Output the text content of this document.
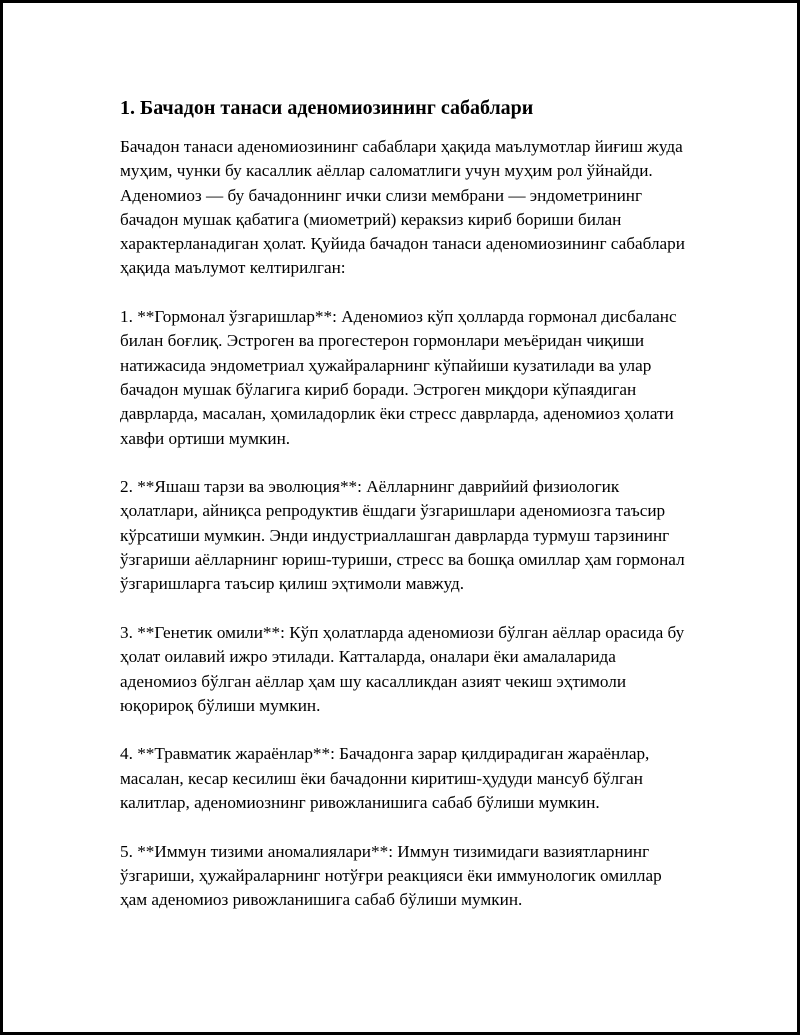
1. Бачадон танаси аденомиозининг сабаблари

Бачадон танаси аденомиозининг сабаблари ҳақида маълумотлар йиғиш жуда муҳим, чунки бу касаллик аёллар саломатлиги учун муҳим рол ўйнайди. Аденомиоз — бу бачадоннинг ички слизи мембрани — эндометрининг бачадон мушак қабатига (миометрий) керакsиз кириб бориши билан характерланадиган ҳолат. Қуйида бачадон танаси аденомиозининг сабаблари ҳақида маълумот келтирилган:

1. **Гормонал ўзгаришлар**: Аденомиоз кўп ҳолларда гормонал дисбаланс билан боғлиқ. Эстроген ва прогестерон гормонлари меъёридан чиқиши натижасида эндометриал ҳужайраларнинг кўпайиши кузатилади ва улар бачадон мушак бўлагига кириб боради. Эстроген миқдори кўпаядиган даврларда, масалан, ҳомиладорлик ёки стресс даврларда, аденомиоз ҳолати хавфи ортиши мумкин.

2. **Яшаш тарзи ва эволюция**: Аёлларнинг даврийий физиологик ҳолатлари, айниқса репродуктив ёшдаги ўзгаришлари аденомиозга таъсир кўрсатиши мумкин. Энди индустриаллашган даврларда турмуш тарзининг ўзгариши аёлларнинг юриш-туриши, стресс ва бошқа омиллар ҳам гормонал ўзгаришларга таъсир қилиш эҳтимоли мавжуд.

3. **Генетик омили**: Кўп ҳолатларда аденомиози бўлган аёллар орасида бу ҳолат оилавий ижро этилади. Катталарда, оналари ёки амалаларида аденомиоз бўлган аёллар ҳам шу касалликдан азият чекиш эҳтимоли юқорироқ бўлиши мумкин.

4. **Травматик жараёнлар**: Бачадонга зарар қилдирадиган жараёнлар, масалан, кесар кесилиш ёки бачадонни киритиш-ҳудуди мансуб бўлган калитлар, аденомиознинг ривожланишига сабаб бўлиши мумкин.

5. **Иммун тизими аномалиялари**: Иммун тизимидаги вазиятларнинг ўзгариши, ҳужайраларнинг нотўғри реакцияси ёки иммунологик омиллар ҳам аденомиоз ривожланишига сабаб бўлиши мумкин.
